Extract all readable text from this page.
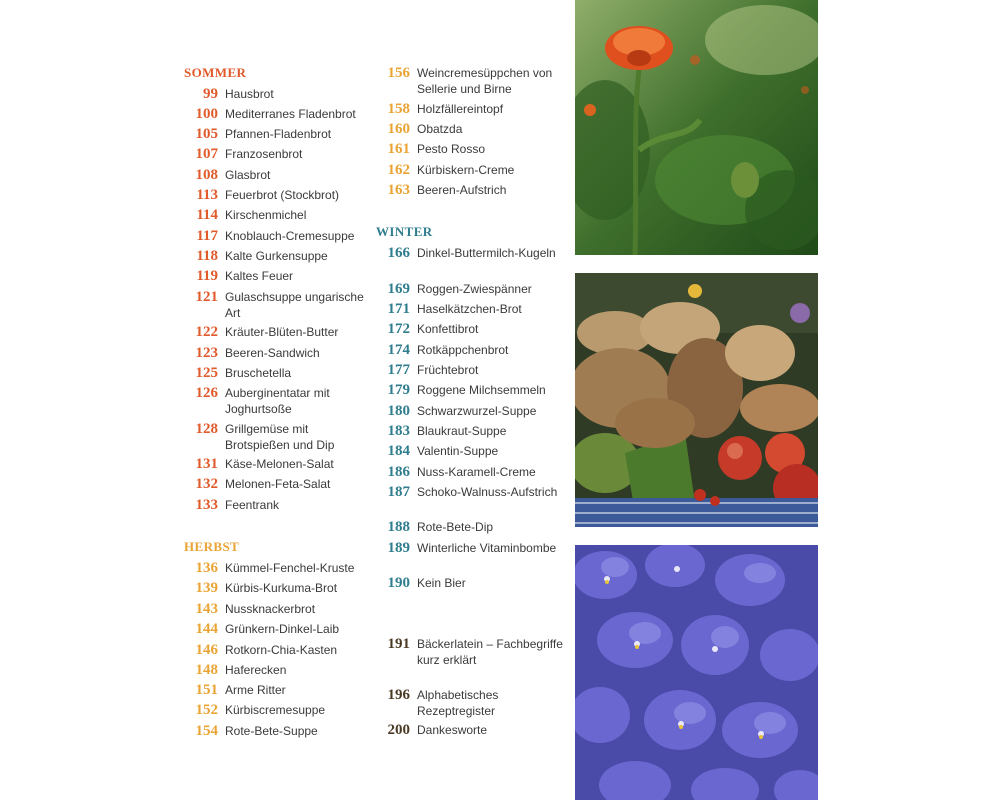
SOMMER
99 Hausbrot
100 Mediterranes Fladenbrot
105 Pfannen-Fladenbrot
107 Franzosenbrot
108 Glasbrot
113 Feuerbrot (Stockbrot)
114 Kirschenmichel
117 Knoblauch-Cremesuppe
118 Kalte Gurkensuppe
119 Kaltes Feuer
121 Gulaschsuppe ungarische Art
122 Kräuter-Blüten-Butter
123 Beeren-Sandwich
125 Bruschetella
126 Auberginentatar mit Joghurtsoße
128 Grillgemüse mit Brotspießen und Dip
131 Käse-Melonen-Salat
132 Melonen-Feta-Salat
133 Feentrank
HERBST
136 Kümmel-Fenchel-Kruste
139 Kürbis-Kurkuma-Brot
143 Nussknackerbrot
144 Grünkern-Dinkel-Laib
146 Rotkorn-Chia-Kasten
148 Haferecken
151 Arme Ritter
152 Kürbiscremesuppe
154 Rote-Bete-Suppe
156 Weincremesüppchen von Sellerie und Birne
158 Holzfällereintopf
160 Obatzda
161 Pesto Rosso
162 Kürbiskern-Creme
163 Beeren-Aufstrich
WINTER
166 Dinkel-Buttermilch-Kugeln
169 Roggen-Zwiespänner
171 Haselkätzchen-Brot
172 Konfettibrot
174 Rotkäppchenbrot
177 Früchtebrot
179 Roggene Milchsemmeln
180 Schwarzwurzel-Suppe
183 Blaukraut-Suppe
184 Valentin-Suppe
186 Nuss-Karamell-Creme
187 Schoko-Walnuss-Aufstrich
188 Rote-Bete-Dip
189 Winterliche Vitaminbombe
190 Kein Bier
191 Bäckerlatein – Fachbegriffe kurz erklärt
196 Alphabetisches Rezeptregister
200 Dankesworte
